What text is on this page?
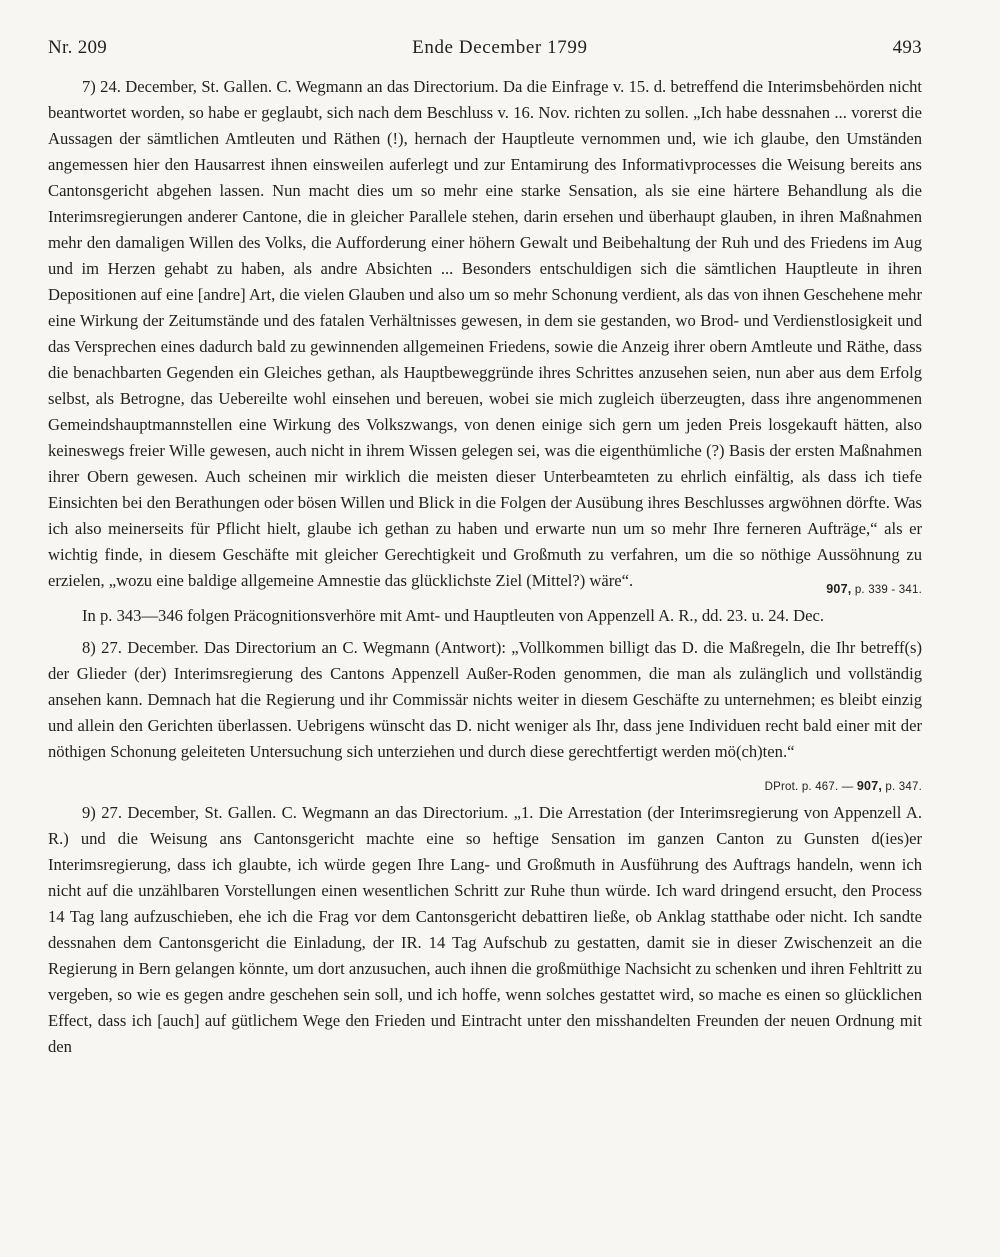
Nr. 209	Ende December 1799	493

7) 24. December, St. Gallen. C. Wegmann an das Directorium. Da die Einfrage v. 15. d. betreffend die Interimsbehörden nicht beantwortet worden, so habe er geglaubt, sich nach dem Beschluss v. 16. Nov. richten zu sollen. „Ich habe dessnahen ... vorerst die Aussagen der sämtlichen Amtleuten und Räthen (!), hernach der Hauptleute vernommen und, wie ich glaube, den Umständen angemessen hier den Hausarrest ihnen einsweilen auferlegt und zur Entamirung des Informativprocesses die Weisung bereits ans Cantonsgericht abgehen lassen. Nun macht dies um so mehr eine starke Sensation, als sie eine härtere Behandlung als die Interimsregierungen anderer Cantone, die in gleicher Parallele stehen, darin ersehen und überhaupt glauben, in ihren Maßnahmen mehr den damaligen Willen des Volks, die Aufforderung einer höhern Gewalt und Beibehaltung der Ruh und des Friedens im Aug und im Herzen gehabt zu haben, als andre Absichten ... Besonders entschuldigen sich die sämtlichen Hauptleute in ihren Depositionen auf eine [andre] Art, die vielen Glauben und also um so mehr Schonung verdient, als das von ihnen Geschehene mehr eine Wirkung der Zeitumstände und des fatalen Verhältnisses gewesen, in dem sie gestanden, wo Brod- und Verdienstlosigkeit und das Versprechen eines dadurch bald zu gewinnenden allgemeinen Friedens, sowie die Anzeig ihrer obern Amtleute und Räthe, dass die benachbarten Gegenden ein Gleiches gethan, als Hauptbeweggründe ihres Schrittes anzusehen seien, nun aber aus dem Erfolg selbst, als Betrogne, das Uebereilte wohl einsehen und bereuen, wobei sie mich zugleich überzeugten, dass ihre angenommenen Gemeindshauptmannstellen eine Wirkung des Volkszwangs, von denen einige sich gern um jeden Preis losgekauft hätten, also keineswegs freier Wille gewesen, auch nicht in ihrem Wissen gelegen sei, was die eigenthümliche (?) Basis der ersten Maßnahmen ihrer Obern gewesen. Auch scheinen mir wirklich die meisten dieser Unterbeamteten zu ehrlich einfältig, als dass ich tiefe Einsichten bei den Berathungen oder bösen Willen und Blick in die Folgen der Ausübung ihres Beschlusses argwöhnen dörfte. Was ich also meinerseits für Pflicht hielt, glaube ich gethan zu haben und erwarte nun um so mehr Ihre ferneren Aufträge,“ als er wichtig finde, in diesem Geschäfte mit gleicher Gerechtigkeit und Großmuth zu verfahren, um die so nöthige Aussöhnung zu erzielen, „wozu eine baldige allgemeine Amnestie das glücklichste Ziel (Mittel?) wäre“.	907, p. 339 - 341.

In p. 343—346 folgen Präcognitionsverhöre mit Amt- und Hauptleuten von Appenzell A. R., dd. 23. u. 24. Dec.

8) 27. December. Das Directorium an C. Wegmann (Antwort): „Vollkommen billigt das D. die Maßregeln, die Ihr betreff(s) der Glieder (der) Interimsregierung des Cantons Appenzell Außer-Roden genommen, die man als zulänglich und vollständig ansehen kann. Demnach hat die Regierung und ihr Commissär nichts weiter in diesem Geschäfte zu unternehmen; es bleibt einzig und allein den Gerichten überlassen. Uebrigens wünscht das D. nicht weniger als Ihr, dass jene Individuen recht bald einer mit der nöthigen Schonung geleiteten Untersuchung sich unterziehen und durch diese gerechtfertigt werden mö(ch)ten.“
DProt. p. 467. — 907, p. 347.

9) 27. December, St. Gallen. C. Wegmann an das Directorium. „1. Die Arrestation (der Interimsregierung von Appenzell A. R.) und die Weisung ans Cantonsgericht machte eine so heftige Sensation im ganzen Canton zu Gunsten d(ies)er Interimsregierung, dass ich glaubte, ich würde gegen Ihre Lang- und Großmuth in Ausführung des Auftrags handeln, wenn ich nicht auf die unzählbaren Vorstellungen einen wesentlichen Schritt zur Ruhe thun würde. Ich ward dringend ersucht, den Process 14 Tag lang aufzuschieben, ehe ich die Frag vor dem Cantonsgericht debattiren ließe, ob Anklag statthabe oder nicht. Ich sandte dessnahen dem Cantonsgericht die Einladung, der IR. 14 Tag Aufschub zu gestatten, damit sie in dieser Zwischenzeit an die Regierung in Bern gelangen könnte, um dort anzusuchen, auch ihnen die großmüthige Nachsicht zu schenken und ihren Fehltritt zu vergeben, so wie es gegen andre geschehen sein soll, und ich hoffe, wenn solches gestattet wird, so mache es einen so glücklichen Effect, dass ich [auch] auf gütlichem Wege den Frieden und Eintracht unter den misshandelten Freunden der neuen Ordnung mit den
